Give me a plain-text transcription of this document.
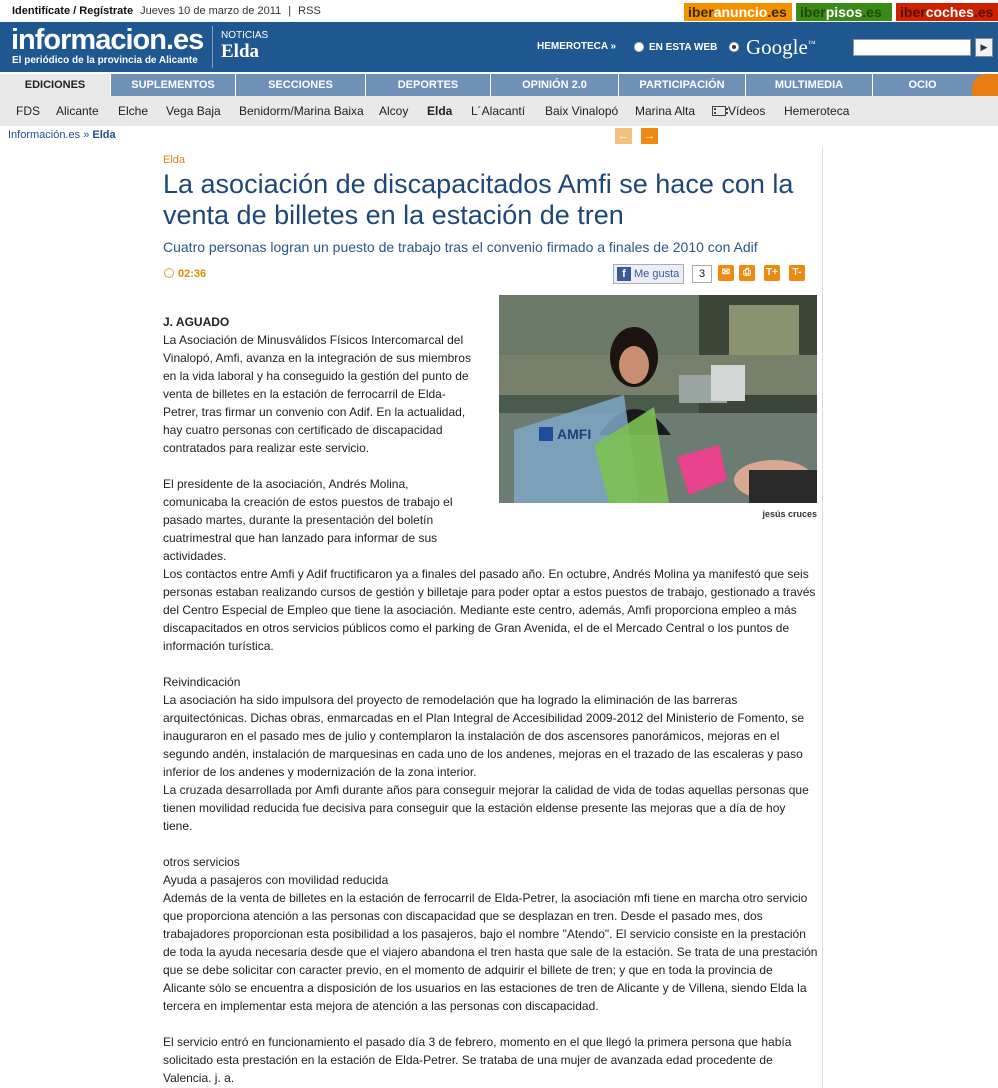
Identifícate / Regístrate Jueves 10 de marzo de 2011 | RSS	iberanuncio.es iberpisos.es	ibercoches.es
informacion.es
El periódico de la provincia de Alicante
NOTICIAS
Elda	HEMEROTECA »	EN ESTA WEB Google™	▶
EDICIONES	SUPLEMENTOS	SECCIONES	DEPORTES	OPINIÓN 2.0	PARTICIPACIÓN	MULTIMEDIA	OCIO
FDS Alicante Elche Vega Baja Benidorm/Marina Baixa Alcoy Elda L´Alacantí Baix Vinalopó Marina Alta	Vídeos Hemeroteca
Información.es » Elda	← →
Elda
La asociación de discapacitados Amfi se hace con la venta de billetes en la estación de tren
Cuatro personas logran un puesto de trabajo tras el convenio firmado a finales de 2010 con Adif
02:36	f Me gusta	3	✉	⎙	T+	T-
AMFI
jesús cruces
J. AGUADO

La Asociación de Minusválidos Físicos Intercomarcal del Vinalopó, Amfi, avanza en la integración de sus miembros en la vida laboral y ha conseguido la gestión del punto de venta de billetes en la estación de ferrocarril de Elda-Petrer, tras firmar un convenio con Adif. En la actualidad, hay cuatro personas con certificado de discapacidad contratados para realizar este servicio.

El presidente de la asociación, Andrés Molina, comunicaba la creación de estos puestos de trabajo el pasado martes, durante la presentación del boletín cuatrimestral que han lanzado para informar de sus actividades.

Los contactos entre Amfi y Adif fructificaron ya a finales del pasado año. En octubre, Andrés Molina ya manifestó que seis personas estaban realizando cursos de gestión y billetaje para poder optar a estos puestos de trabajo, gestionado a través del Centro Especial de Empleo que tiene la asociación. Mediante este centro, además, Amfi proporciona empleo a más discapacitados en otros servicios públicos como el parking de Gran Avenida, el de el Mercado Central o los puntos de información turística.

Reivindicación

La asociación ha sido impulsora del proyecto de remodelación que ha logrado la eliminación de las barreras arquitectónicas. Dichas obras, enmarcadas en el Plan Integral de Accesibilidad 2009-2012 del Ministerio de Fomento, se inauguraron en el pasado mes de julio y contemplaron la instalación de dos ascensores panorámicos, mejoras en el segundo andén, instalación de marquesinas en cada uno de los andenes, mejoras en el trazado de las escaleras y paso inferior de los andenes y modernización de la zona interior.

La cruzada desarrollada por Amfi durante años para conseguir mejorar la calidad de vida de todas aquellas personas que tienen movilidad reducida fue decisiva para conseguir que la estación eldense presente las mejoras que a día de hoy tiene.

otros servicios

Ayuda a pasajeros con movilidad reducida

Además de la venta de billetes en la estación de ferrocarril de Elda-Petrer, la asociación mfi tiene en marcha otro servicio que proporciona atención a las personas con discapacidad que se desplazan en tren. Desde el pasado mes, dos trabajadores proporcionan esta posibilidad a los pasajeros, bajo el nombre "Atendo". El servicio consiste en la prestación de toda la ayuda necesaria desde que el viajero abandona el tren hasta que sale de la estación. Se trata de una prestación que se debe solicitar con caracter previo, en el momento de adquirir el billete de tren; y que en toda la provincia de Alicante sólo se encuentra a disposición de los usuarios en las estaciones de tren de Alicante y de Villena, siendo Elda la tercera en implementar esta mejora de atención a las personas con discapacidad.

El servicio entró en funcionamiento el pasado día 3 de febrero, momento en el que llegó la primera persona que había solicitado esta prestación en la estación de Elda-Petrer. Se trataba de una mujer de avanzada edad procedente de Valencia. j. a.
